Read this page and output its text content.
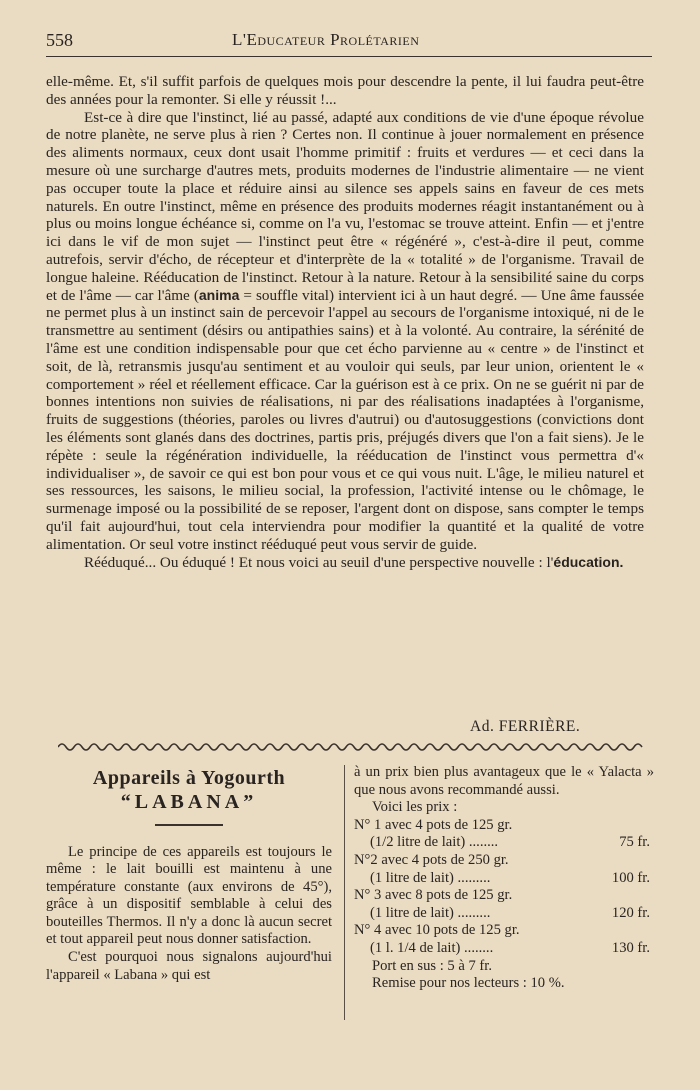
558	L'Educateur Prolétarien

elle-même. Et, s'il suffit parfois de quelques mois pour descendre la pente, il lui faudra peut-être des années pour la remonter. Si elle y réussit !...

Est-ce à dire que l'instinct, lié au passé, adapté aux conditions de vie d'une époque révolue de notre planète, ne serve plus à rien ? Certes non. Il continue à jouer normalement en présence des aliments normaux, ceux dont usait l'homme primitif : fruits et verdures — et ceci dans la mesure où une surcharge d'autres mets, produits modernes de l'industrie alimentaire — ne vient pas occuper toute la place et réduire ainsi au silence ses appels sains en faveur de ces mets naturels. En outre l'instinct, même en présence des produits modernes réagit instantanément ou à plus ou moins longue échéance si, comme on l'a vu, l'estomac se trouve atteint. Enfin — et j'entre ici dans le vif de mon sujet — l'instinct peut être « régénéré », c'est-à-dire il peut, comme autrefois, servir d'écho, de récepteur et d'interprète de la « totalité » de l'organisme. Travail de longue haleine. Rééducation de l'instinct. Retour à la nature. Retour à la sensibilité saine du corps et de l'âme — car l'âme (anima = souffle vital) intervient ici à un haut degré. — Une âme faussée ne permet plus à un instinct sain de percevoir l'appel au secours de l'organisme intoxiqué, ni de le transmettre au sentiment (désirs ou antipathies sains) et à la volonté. Au contraire, la sérénité de l'âme est une condition indispensable pour que cet écho parvienne au « centre » de l'instinct et soit, de là, retransmis jusqu'au sentiment et au vouloir qui seuls, par leur union, orientent le « comportement » réel et réellement efficace. Car la guérison est à ce prix. On ne se guérit ni par de bonnes intentions non suivies de réalisations, ni par des réalisations inadaptées à l'organisme, fruits de suggestions (théories, paroles ou livres d'autrui) ou d'autosuggestions (convictions dont les éléments sont glanés dans des doctrines, partis pris, préjugés divers que l'on a fait siens). Je le répète : seule la régénération individuelle, la rééducation de l'instinct vous permettra d'« individualiser », de savoir ce qui est bon pour vous et ce qui vous nuit. L'âge, le milieu naturel et ses ressources, les saisons, le milieu social, la profession, l'activité intense ou le chômage, le surmenage imposé ou la possibilité de se reposer, l'argent dont on dispose, sans compter le temps qu'il fait aujourd'hui, tout cela interviendra pour modifier la quantité et la qualité de votre alimentation. Or seul votre instinct rééduqué peut vous servir de guide.

Rééduqué... Ou éduqué ! Et nous voici au seuil d'une perspective nouvelle : l'éducation.

Ad. FERRIÈRE.

Appareils à Yogourth

“LABANA”

Le principe de ces appareils est toujours le même : le lait bouilli est maintenu à une température constante (aux environs de 45°), grâce à un dispositif semblable à celui des bouteilles Thermos. Il n'y a donc là aucun secret et tout appareil peut nous donner satisfaction.

C'est pourquoi nous signalons aujourd'hui l'appareil « Labana » qui est

à un prix bien plus avantageux que le « Yalacta » que nous avons recommandé aussi.

Voici les prix :
N° 1 avec 4 pots de 125 gr.
(1/2 litre de lait) ........	75 fr.
N°2 avec 4 pots de 250 gr.
(1 litre de lait) .........	100 fr.
N° 3 avec 8 pots de 125 gr.
(1 litre de lait) .........	120 fr.
N° 4 avec 10 pots de 125 gr.
(1 l. 1/4 de lait) ........	130 fr.
Port en sus : 5 à 7 fr.
Remise pour nos lecteurs : 10 %.
